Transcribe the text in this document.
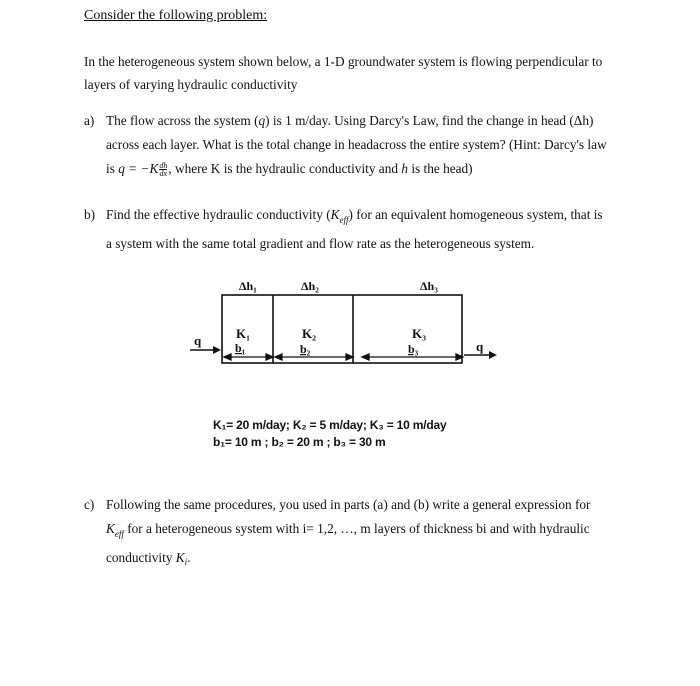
Consider the following problem:
In the heterogeneous system shown below, a 1-D groundwater system is flowing perpendicular to
layers of varying hydraulic conductivity
a) The flow across the system (q) is 1 m/day. Using Darcy's Law, find the change in head (Δh)
across each layer. What is the total change in headacross the entire system? (Hint: Darcy's law
is $q = -K \frac{dh}{dx}$ , where K is the hydraulic conductivity and h is the head)
b) Find the effective hydraulic conductivity $(K_{eff})$ for an equivalent homogeneous system, that is
a system with the same total gradient and flow rate as the heterogeneous system.
Δh₁	Δh₂	Δh₃
K₁	K₂	K₃
b₁	b₂	b₃
q	q
K₁= 20 m/day; K₂ = 5 m/day; K₃ = 10 m/day
b₁= 10 m ; b₂ = 20 m ; b₃ = 30 m
c) Following the same procedures, you used in parts (a) and (b) write a general expression for
$K_{eff}$ for a heterogeneous system with i= 1,2, …, m layers of thickness bi and with hydraulic
conductivity $K_i$.
